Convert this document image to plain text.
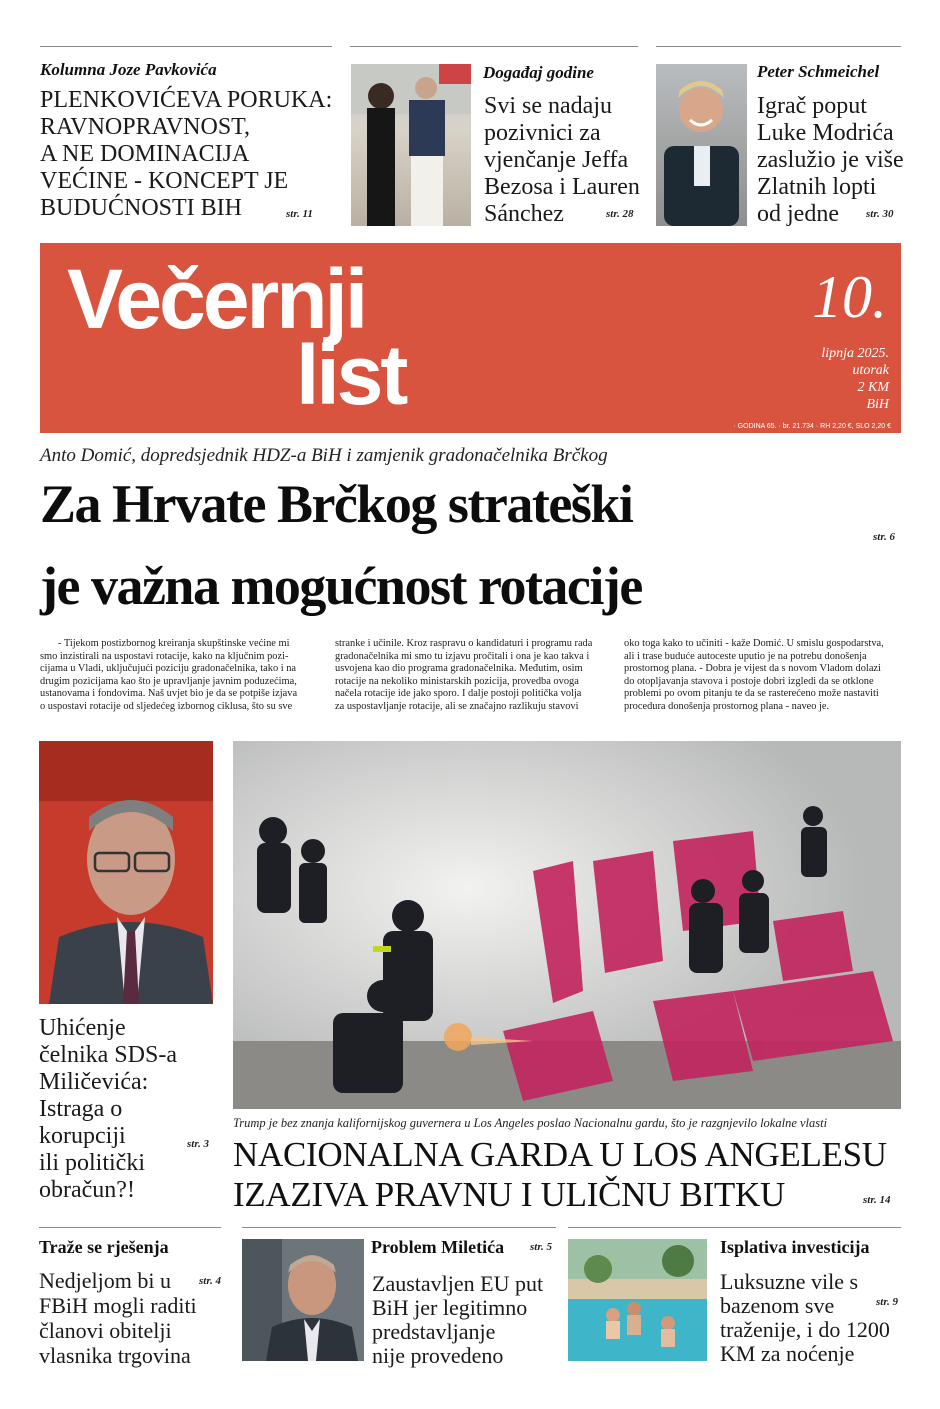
Kolumna Joze Pavkovića
PLENKOVIĆEVA PORUKA:
RAVNOPRAVNOST,
A NE DOMINACIJA
VEĆINE - KONCEPT JE
BUDUĆNOSTI BIH	str. 11
Događaj godine
Svi se nadaju
pozivnici za
vjenčanje Jeffa
Bezosa i Lauren
Sánchez	str. 28
Peter Schmeichel
Igrač poput
Luke Modrića
zaslužio je više
Zlatnih lopti
od jedne	str. 30
Večernji
list
10.
lipnja 2025.
utorak
2 KM
BiH
· GODINA 65. · br. 21.734 · RH 2,20 €, SLO 2,20 €
Anto Domić, dopredsjednik HDZ-a BiH i zamjenik gradonačelnika Brčkog
Za Hrvate Brčkog strateški
je važna mogućnost rotacije
str. 6
- Tijekom postizbornog kreiranja skupštinske većine mi
smo inzistirali na uspostavi rotacije, kako na ključnim pozi-
cijama u Vladi, uključujući poziciju gradonačelnika, tako i na
drugim pozicijama kao što je upravljanje javnim poduzećima,
ustanovama i fondovima. Naš uvjet bio je da se potpiše izjava
o uspostavi rotacije od sljedećeg izbornog ciklusa, što su sve
stranke i učinile. Kroz raspravu o kandidaturi i programu rada
gradonačelnika mi smo tu izjavu pročitali i ona je kao takva i
usvojena kao dio programa gradonačelnika. Međutim, osim
rotacije na nekoliko ministarskih pozicija, provedba ovoga
načela rotacije ide jako sporo. I dalje postoji politička volja
za uspostavljanje rotacije, ali se značajno razlikuju stavovi
oko toga kako to učiniti - kaže Domić. U smislu gospodarstva,
ali i trase buduće autoceste uputio je na potrebu donošenja
prostornog plana. - Dobra je vijest da s novom Vladom dolazi
do otopljavanja stavova i postoje dobri izgledi da se otklone
problemi po ovom pitanju te da se rasterećeno može nastaviti
procedura donošenja prostornog plana - naveo je.
Uhićenje
čelnika SDS-a
Miličevića:
Istraga o
korupciji
ili politički
obračun?!
str. 3
Trump je bez znanja kalifornijskog guvernera u Los Angeles poslao Nacionalnu gardu, što je razgnjevilo lokalne vlasti
NACIONALNA GARDA U LOS ANGELESU
IZAZIVA PRAVNU I ULIČNU BITKU	str. 14
Traže se rješenja
Nedjeljom bi u
FBiH mogli raditi
članovi obitelji
vlasnika trgovina
str. 4
Problem Miletića str. 5
Zaustavljen EU put
BiH jer legitimno
predstavljanje
nije provedeno
Isplativa investicija
Luksuzne vile s
bazenom sve
traženije, i do 1200
KM za noćenje
str. 9
